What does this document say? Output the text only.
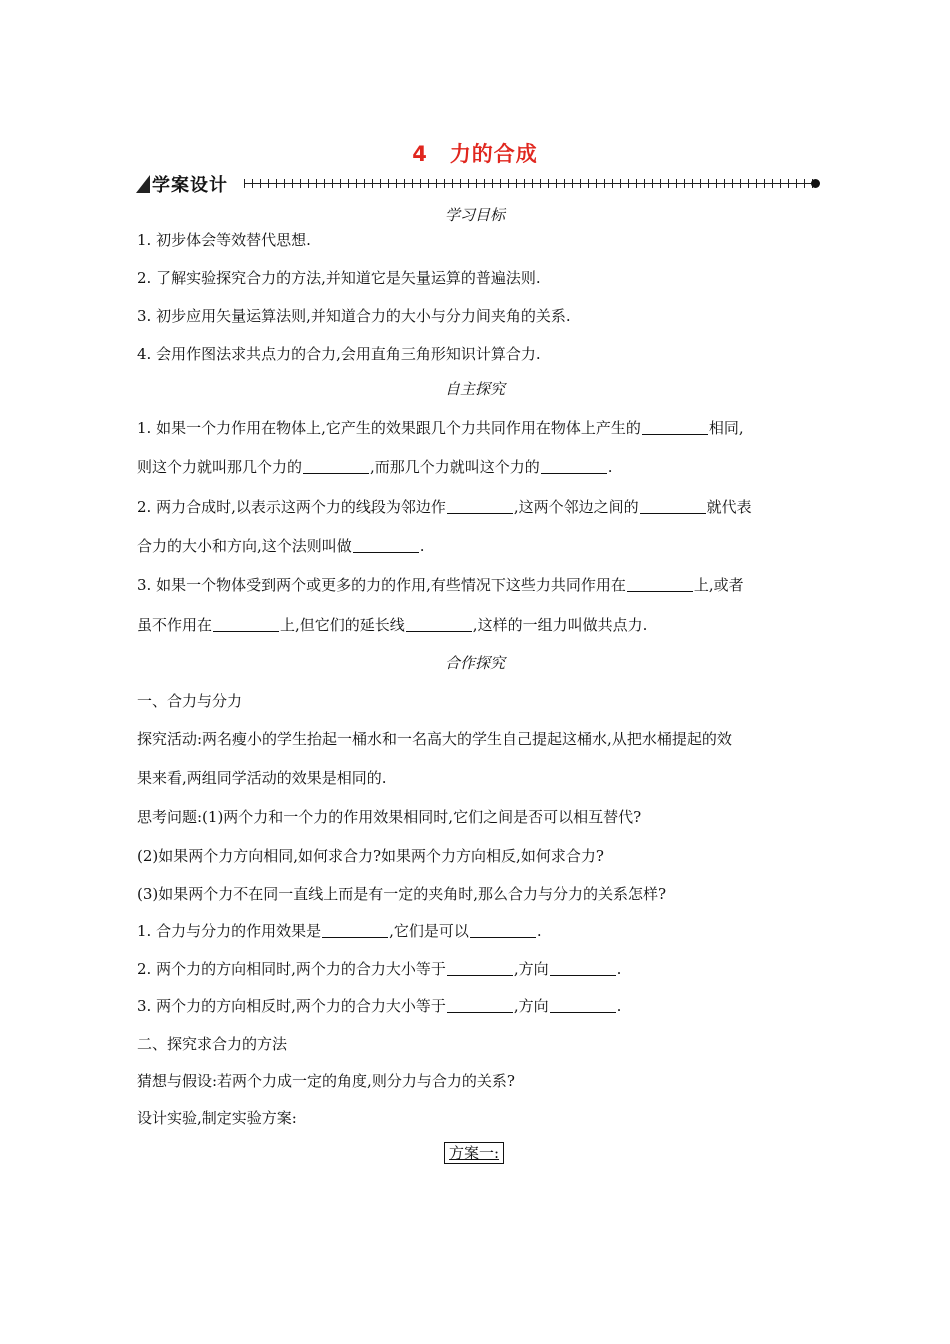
4 力的合成
学案设计
学习目标
1. 初步体会等效替代思想.
2. 了解实验探究合力的方法,并知道它是矢量运算的普遍法则.
3. 初步应用矢量运算法则,并知道合力的大小与分力间夹角的关系.
4. 会用作图法求共点力的合力,会用直角三角形知识计算合力.
自主探究
1. 如果一个力作用在物体上,它产生的效果跟几个力共同作用在物体上产生的	相同,
则这个力就叫那几个力的	,而那几个力就叫这个力的	.
2. 两力合成时,以表示这两个力的线段为邻边作	,这两个邻边之间的	就代表
合力的大小和方向,这个法则叫做	.
3. 如果一个物体受到两个或更多的力的作用,有些情况下这些力共同作用在	上,或者
虽不作用在	上,但它们的延长线	,这样的一组力叫做共点力.
合作探究
一、合力与分力
探究活动:两名瘦小的学生抬起一桶水和一名高大的学生自己提起这桶水,从把水桶提起的效
果来看,两组同学活动的效果是相同的.
思考问题:(1)两个力和一个力的作用效果相同时,它们之间是否可以相互替代?
(2)如果两个力方向相同,如何求合力?如果两个力方向相反,如何求合力?
(3)如果两个力不在同一直线上而是有一定的夹角时,那么合力与分力的关系怎样?
1. 合力与分力的作用效果是	,它们是可以	.
2. 两个力的方向相同时,两个力的合力大小等于	,方向	.
3. 两个力的方向相反时,两个力的合力大小等于	,方向	.
二、探究求合力的方法
猜想与假设:若两个力成一定的角度,则分力与合力的关系?
设计实验,制定实验方案:
方案一:
